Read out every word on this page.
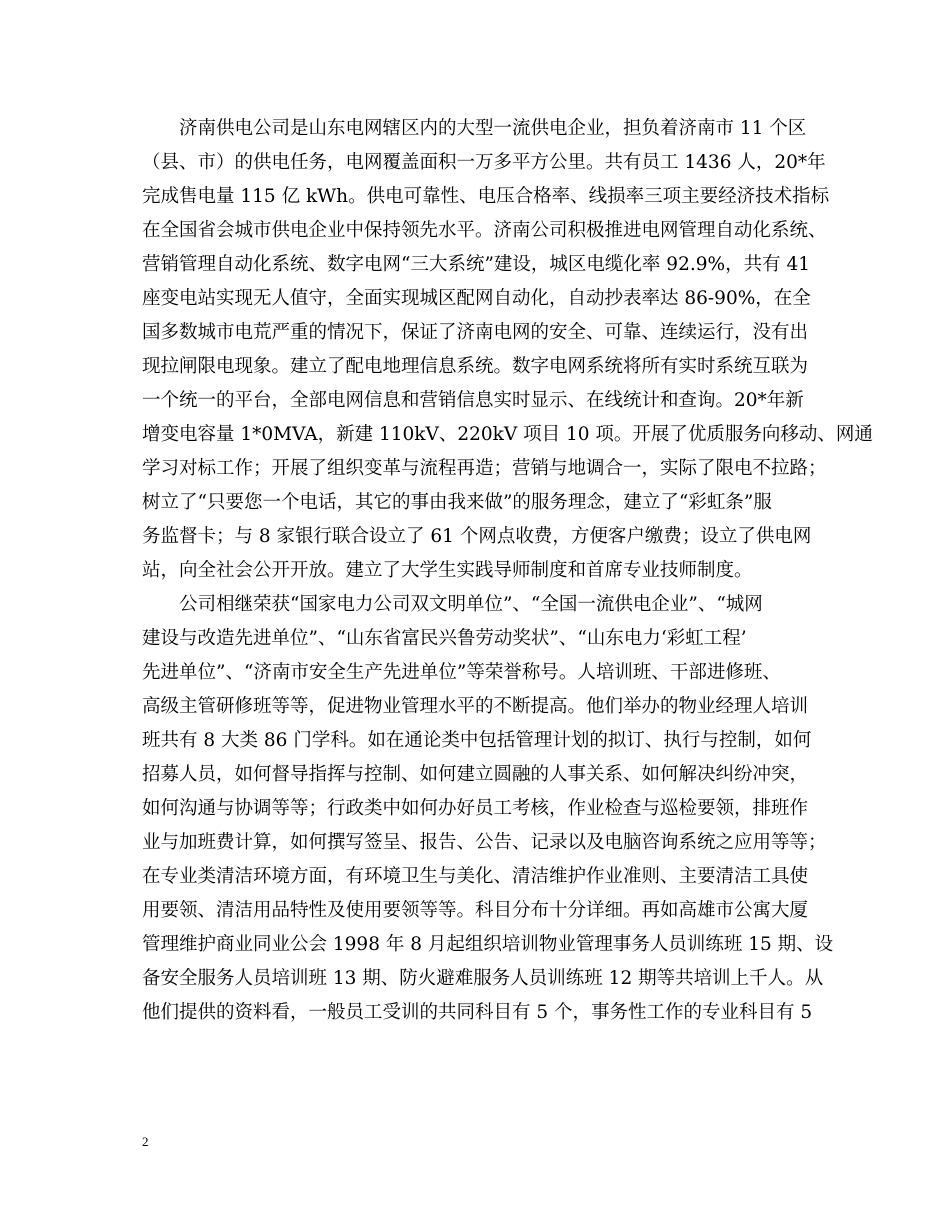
济南供电公司是山东电网辖区内的大型一流供电企业，担负着济南市 11 个区
（县、市）的供电任务，电网覆盖面积一万多平方公里。共有员工 1436 人，20*年
完成售电量 115 亿 kWh。供电可靠性、电压合格率、线损率三项主要经济技术指标
在全国省会城市供电企业中保持领先水平。济南公司积极推进电网管理自动化系统、
营销管理自动化系统、数字电网“三大系统”建设，城区电缆化率 92.9%，共有 41
座变电站实现无人值守，全面实现城区配网自动化，自动抄表率达 86-90%，在全
国多数城市电荒严重的情况下，保证了济南电网的安全、可靠、连续运行，没有出
现拉闸限电现象。建立了配电地理信息系统。数字电网系统将所有实时系统互联为
一个统一的平台，全部电网信息和营销信息实时显示、在线统计和查询。20*年新
增变电容量 1*0MVA，新建 110kV、220kV 项目 10 项。开展了优质服务向移动、网通
学习对标工作；开展了组织变革与流程再造；营销与地调合一，实际了限电不拉路；
树立了“只要您一个电话，其它的事由我来做”的服务理念，建立了“彩虹条”服
务监督卡；与 8 家银行联合设立了 61 个网点收费，方便客户缴费；设立了供电网
站，向全社会公开开放。建立了大学生实践导师制度和首席专业技师制度。
公司相继荣获“国家电力公司双文明单位”、“全国一流供电企业”、“城网
建设与改造先进单位”、“山东省富民兴鲁劳动奖状”、“山东电力‘彩虹工程’
先进单位”、“济南市安全生产先进单位”等荣誉称号。人培训班、干部进修班、
高级主管研修班等等，促进物业管理水平的不断提高。他们举办的物业经理人培训
班共有 8 大类 86 门学科。如在通论类中包括管理计划的拟订、执行与控制，如何
招募人员，如何督导指挥与控制、如何建立圆融的人事关系、如何解决纠纷冲突，
如何沟通与协调等等；行政类中如何办好员工考核，作业检查与巡检要领，排班作
业与加班费计算，如何撰写签呈、报告、公告、记录以及电脑咨询系统之应用等等；
在专业类清洁环境方面，有环境卫生与美化、清洁维护作业准则、主要清洁工具使
用要领、清洁用品特性及使用要领等等。科目分布十分详细。再如高雄市公寓大厦
管理维护商业同业公会 1998 年 8 月起组织培训物业管理事务人员训练班 15 期、设
备安全服务人员培训班 13 期、防火避难服务人员训练班 12 期等共培训上千人。从
他们提供的资料看，一般员工受训的共同科目有 5 个，事务性工作的专业科目有 5
2
